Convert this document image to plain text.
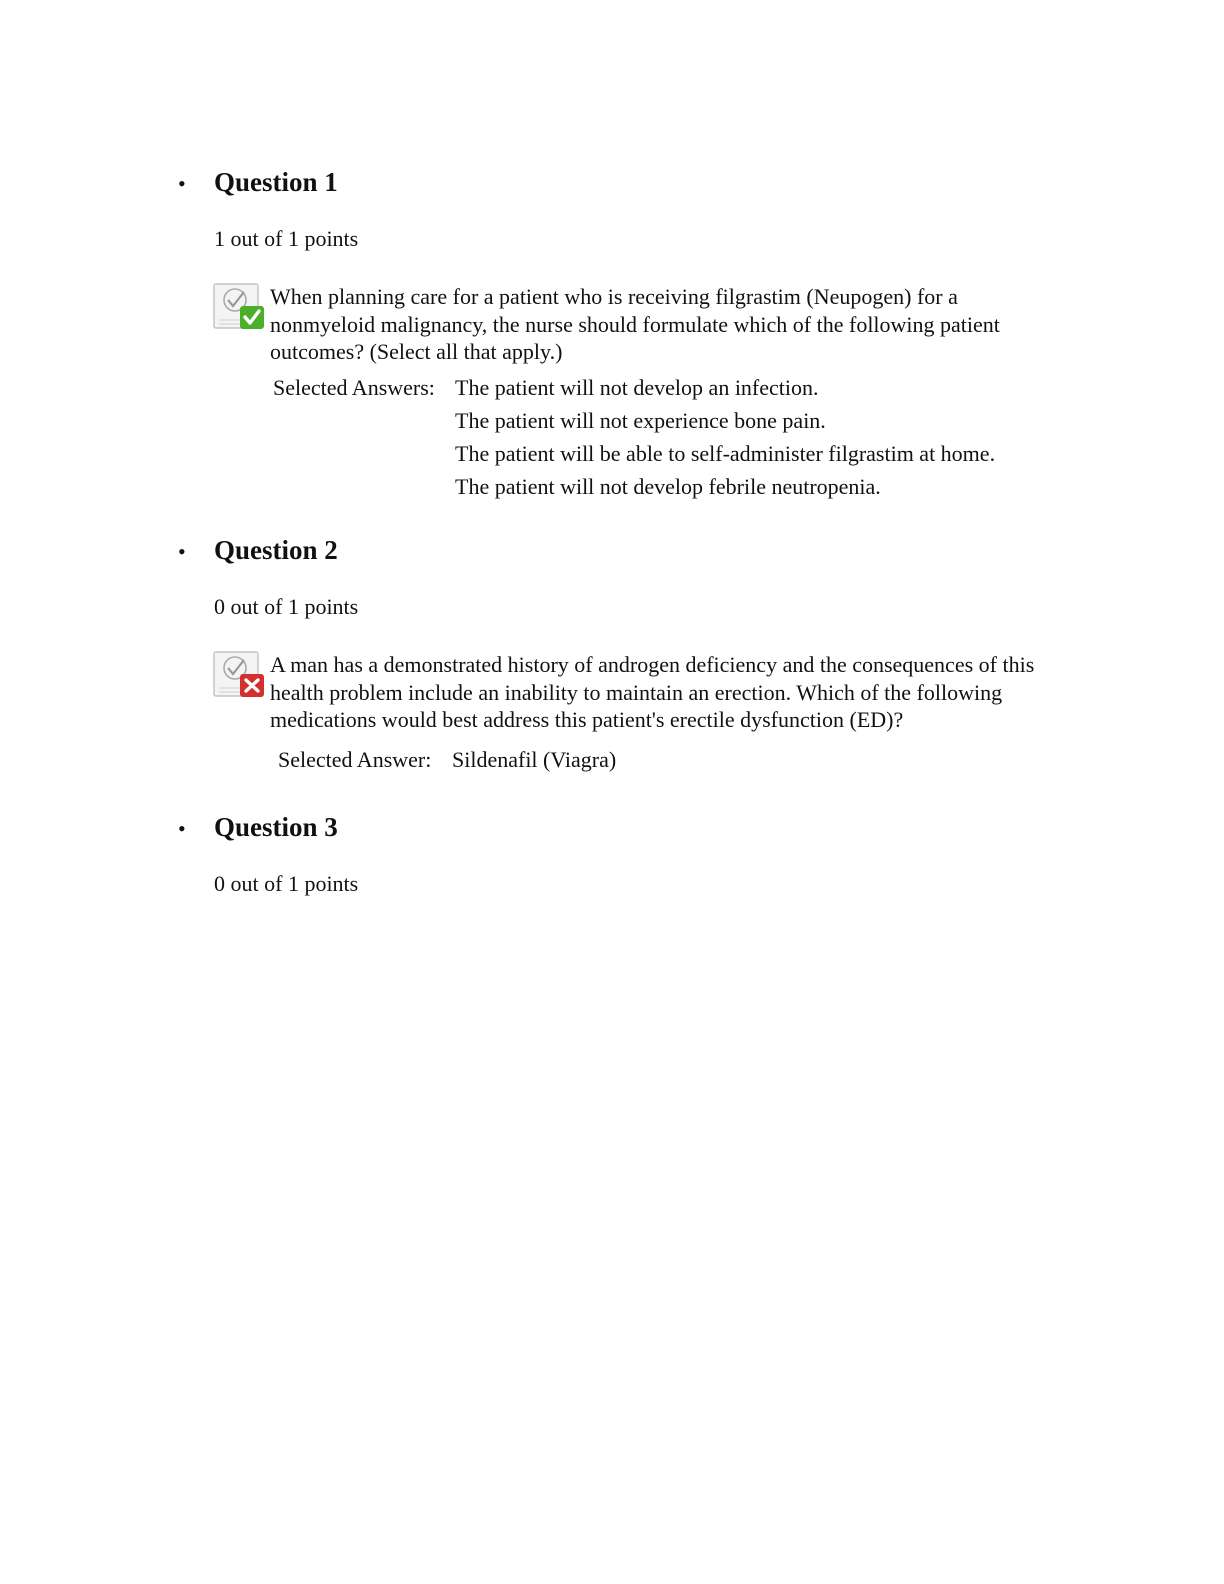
• Question 1
1 out of 1 points
When planning care for a patient who is receiving filgrastim (Neupogen) for a
nonmyeloid malignancy, the nurse should formulate which of the following patient
outcomes? (Select all that apply.)
Selected Answers: The patient will not develop an infection.
The patient will not experience bone pain.
The patient will be able to self-administer filgrastim at home.
The patient will not develop febrile neutropenia.
• Question 2
0 out of 1 points
A man has a demonstrated history of androgen deficiency and the consequences of this
health problem include an inability to maintain an erection. Which of the following
medications would best address this patient's erectile dysfunction (ED)?
Selected Answer: Sildenafil (Viagra)
• Question 3
0 out of 1 points
